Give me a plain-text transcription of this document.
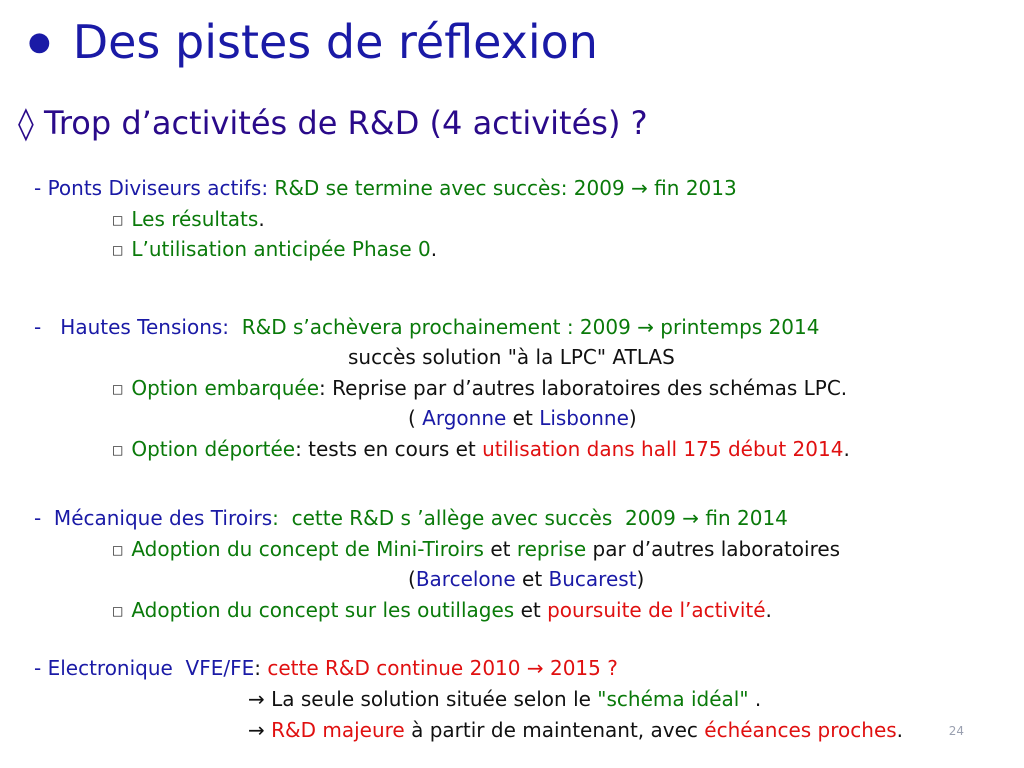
● Des pistes de réflexion
◊ Trop d’activités de R&D (4 activités) ?
- Ponts Diviseurs actifs: R&D se termine avec succès: 2009 → fin 2013
□ Les résultats.
□ L’utilisation anticipée Phase 0.
-   Hautes Tensions:  R&D s’achèvera prochainement : 2009 → printemps 2014
succès solution "à la LPC" ATLAS
□ Option embarquée: Reprise par d’autres laboratoires des schémas LPC.
( Argonne et Lisbonne)
□ Option déportée: tests en cours et utilisation dans hall 175 début 2014.
-  Mécanique des Tiroirs:  cette R&D s ’allège avec succès  2009 → fin 2014
□ Adoption du concept de Mini-Tiroirs et reprise par d’autres laboratoires
(Barcelone et Bucarest)
□ Adoption du concept sur les outillages et poursuite de l’activité.
- Electronique  VFE/FE: cette R&D continue 2010 → 2015 ?
→ La seule solution située selon le "schéma idéal" .
→ R&D majeure à partir de maintenant, avec échéances proches.	24
